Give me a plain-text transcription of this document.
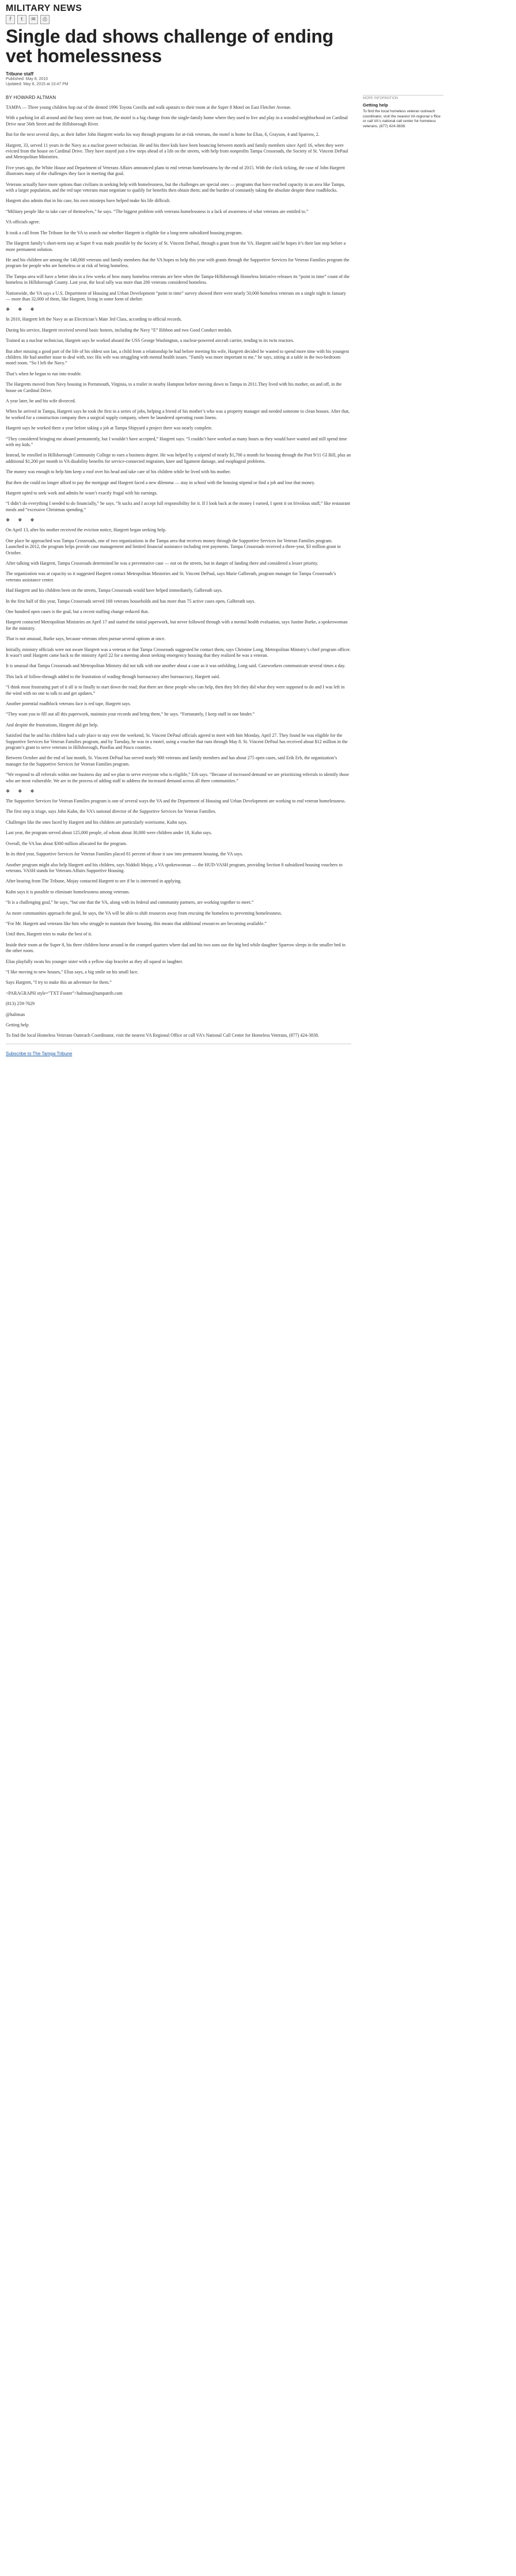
MILITARY NEWS
f	t	✉	⎙
Single dad shows challenge of ending vet homelessness
Tribune staff
Published: May 8, 2015
Updated: May 8, 2015 at 10:47 PM
BY HOWARD ALTMAN

TAMPA — Three young children hop out of the dented 1996 Toyota Corolla and walk upstairs to their room at the Super 8 Motel on East Fletcher Avenue.

With a parking lot all around and the busy street out front, the motel is a big change from the single-family home where they used to live and play in a wooded neighborhood on Cardinal Drive near 56th Street and the Hillsborough River.

But for the next several days, as their father John Hargrett works his way through programs for at-risk veterans, the motel is home for Elias, 6, Grayson, 4 and Sparrow, 2.

Hargrett, 33, served 11 years in the Navy as a nuclear power technician. He and his three kids have been bouncing between motels and family members since April 16, when they were evicted from the house on Cardinal Drive. They have stayed just a few steps ahead of a life on the streets, with help from nonprofits Tampa Crossroads, the Society of St. Vincent DePaul and Metropolitan Ministries.

Five years ago, the White House and Department of Veterans Affairs announced plans to end veteran homelessness by the end of 2015. With the clock ticking, the case of John Hargrett illustrates many of the challenges they face in meeting that goal.

Veterans actually have more options than civilians in seeking help with homelessness, but the challenges are special ones — programs that have reached capacity in an area like Tampa, with a larger population, and the red tape veterans must negotiate to qualify for benefits then obtain them; and the burden of constantly taking the absolute despite these roadblocks.

Hargrett also admits that in his case, his own missteps have helped make his life difficult.

“Military people like to take care of themselves,” he says. “The biggest problem with veterans homelessness is a lack of awareness of what veterans are entitled to.”

VA officials agree.

It took a call from The Tribune for the VA to search out whether Hargrett is eligible for a long-term subsidized housing program.

The Hargrett family’s short-term stay at Super 8 was made possible by the Society of St. Vincent DePaul, through a grant from the VA. Hargrett said he hopes it’s their last stop before a more permanent solution.

He and his children are among the 140,000 veterans and family members that the VA hopes to help this year with grants through the Supportive Services for Veteran Families program the program for people who are homeless or at risk of being homeless.

The Tampa area will have a better idea in a few weeks of how many homeless veterans are here when the Tampa-Hillsborough Homeless Initiative releases its “point in time” count of the homeless in Hillsborough County. Last year, the local tally was more than 200 veterans considered homeless.

Nationwide, the VA says a U.S. Department of Housing and Urban Development “point in time” survey showed there were nearly 50,000 homeless veterans on a single night in January — more than 32,000 of them, like Hargrett, living in some form of shelter.

❖ ❖ ❖

In 2010, Hargrett left the Navy as an Electrician’s Mate 3rd Class, according to official records.

During his service, Hargrett received several basic honors, including the Navy “E” Ribbon and two Good Conduct medals.

Trained as a nuclear technician, Hargrett says he worked aboard the USS George Washington, a nuclear-powered aircraft carrier, tending to its twin reactors.

But after missing a good part of the life of his oldest son Ian, a child from a relationship he had before meeting his wife, Hargrett decided he wanted to spend more time with his youngest children. He had another issue to deal with, too: His wife was struggling with mental health issues. “Family was more important to me,” he says, sitting at a table in the two-bedroom motel room. “So I left the Navy.”

That’s when he began to run into trouble.

The Hargretts moved from Navy housing in Portsmouth, Virginia, to a trailer in nearby Hampton before moving down to Tampa in 2011.They lived with his mother, on and off, in the house on Cardinal Drive.

A year later, he and his wife divorced.

When he arrived in Tampa, Hargrett says he took the first in a series of jobs, helping a friend of his mother’s who was a property manager and needed someone to clean houses. After that, he worked for a construction company then a surgical supply company, where he laundered operating room linens.

Hargrett says he worked there a year before taking a job at Tampa Shipyard a project there was nearly complete.

“They considered bringing me aboard permanently, but I wouldn’t have accepted,” Hargrett says. “I couldn’t have worked as many hours as they would have wanted and still spend time with my kids.”

Instead, he enrolled in Hillsborough Community College to earn a business degree. He was helped by a stipend of nearly $1,700 a month for housing through the Post 9/11 GI Bill, plus an additional $1,200 per month in VA disability benefits for service-connected migraines, knee and ligament damage, and esophageal problems.

The money was enough to help him keep a roof over his head and take care of his children while he lived with his mother.

But then she could no longer afford to pay the mortgage and Hargrett faced a new dilemma — stay in school with the housing stipend or find a job and lose that money.

Hargrett opted to seek work and admits he wasn’t exactly frugal with his earnings.

“I didn’t do everything I needed to do financially,” he says. “It sucks and I accept full responsibility for it. If I look back at the money I earned, I spent it on frivolous stuff,” like restaurant meals and “excessive Christmas spending.”

❖ ❖ ❖

On April 13, after his mother received the eviction notice, Hargrett began seeking help.

One place he approached was Tampa Crossroads, one of two organizations in the Tampa area that receives money through the Supportive Services for Veteran Families program. Launched in 2012, the program helps provide case management and limited financial assistance including rent payments. Tampa Crossroads received a three-year, $3 million grant in October.

After talking with Hargrett, Tampa Crossroads determined he was a preventative case — not on the streets, but in danger of landing there and considered a lesser priority.

The organization was at capacity so it suggested Hargrett contact Metropolitan Ministries and St. Vincent DePaul, says Marie Galbreath, program manager for Tampa Crossroads’s veterans assistance center.

Had Hargrett and his children been on the streets, Tampa Crossroads would have helped immediately, Galbreath says.

In the first half of this year, Tampa Crossroads served 168 veterans households and has more than 75 active cases open, Galbreath says.

One hundred open cases is the goal, but a recent staffing change reduced that.

Hargrett contacted Metropolitan Ministries on April 17 and started the initial paperwork, but never followed through with a mental health evaluation, says Justine Burke, a spokeswoman for the ministry.

That is not unusual, Burke says, because veterans often pursue several options at once.

Initially, ministry officials were not aware Hargrett was a veteran or that Tampa Crossroads suggested he contact them, says Christine Long, Metropolitan Ministry’s chief program officer. It wasn’t until Hargrett came back to the ministry April 22 for a meeting about seeking emergency housing that they realized he was a veteran.

It is unusual that Tampa Crossroads and Metropolitan Ministry did not talk with one another about a case as it was unfolding, Long said. Caseworkers communicate several times a day.

This lack of follow-through added to the frustration of wading through bureaucracy after bureaucracy, Hargrett said.

“I think most frustrating part of it all is to finally to start down the road; that there are these people who can help, then they felt they did what they were supposed to do and I was left in the wind with no one to talk to and get updates.”

Another potential roadblock veterans face is red tape, Hargrett says.

“They want you to fill out all this paperwork, maintain your records and bring them,” he says. “Fortunately, I keep stuff in one binder.”

And despite the frustrations, Hargrett did get help.

Satisfied that he and his children had a safe place to stay over the weekend, St. Vincent DePaul officials agreed to meet with him Monday, April 27. They found he was eligible for the Supportive Services for Veteran Families program, and by Tuesday, he was in a motel, using a voucher that runs through May 8. St. Vincent DePaul has received about $12 million in the program’s grant to serve veterans in Hillsborough, Pinellas and Pasco counties.

Between October and the end of last month, St. Vincent DePaul has served nearly 900 veterans and family members and has about 275 open cases, said Erik Erb, the organization’s manager for the Supportive Services for Veteran Families program.

“We respond to all referrals within one business day and we plan to serve everyone who is eligible,” Erb says. “Because of increased demand we are prioritizing referrals to identify those who are most vulnerable. We are in the process of adding staff to address the increased demand across all three communities.”

❖ ❖ ❖

The Supportive Services for Veteran Families program is one of several ways the VA and the Department of Housing and Urban Development are working to end veteran homelessness.

The first step is triage, says John Kuhn, the VA’s national director of the Supportive Services for Veteran Families.

Challenges like the ones faced by Hargrett and his children are particularly worrisome, Kuhn says.

Last year, the program served about 125,000 people, of whom about 30,000 were children under 18, Kuhn says.

Overall, the VA has about $300 million allocated for the program.

In its third year, Supportive Services for Veteran Families placed 81 percent of those it saw into permanent housing, the VA says.

Another program might also help Hargrett and his children, says Niddoli Mojay, a VA spokeswoman — the HUD-VASH program, providing Section 8 subsidized housing vouchers to veterans. VASH stands for Veterans Affairs Supportive Housing.

After hearing from The Tribune, Mojay contacted Hargrett to see if he is interested in applying.

Kuhn says it is possible to eliminate homelessness among veterans.

“It is a challenging goal,” he says, “but one that the VA, along with its federal and community partners, are working together to meet.”

As more communities approach the goal, he says, the VA will be able to shift resources away from rescuing the homeless to preventing homelessness.

“For Mr. Hargrett and veterans like him who struggle to maintain their housing, this means that additional resources are becoming available.”

Until then, Hargrett tries to make the best of it.

Inside their room at the Super 8, his three children horse around in the cramped quarters where dad and his two sons use the big bed while daughter Sparrow sleeps in the smaller bed in the other room.

Elias playfully swats his younger sister with a yellow slap bracelet as they all squeal in laughter.

“I like moving to new houses,” Elias says, a big smile on his small face.

Says Hargrett, “I try to make this an adventure for them.”

<PARAGRAPH style="TXT Footer">haltman@tampatrib.com

(813) 259-7629

@haltman

Getting help

To find the local Homeless Veterans Outreach Coordinator, visit the nearest VA Regional Office or call VA’s National Call Center for Homeless Veterans, (877) 424-3838.

Subscribe to The Tampa Tribune
MORE INFORMATION
Getting help
To find the local homeless veteran outreach coordinator, visit the nearest VA regional o ffice or call VA's national call center for homeless veterans, (877) 424-3838.
